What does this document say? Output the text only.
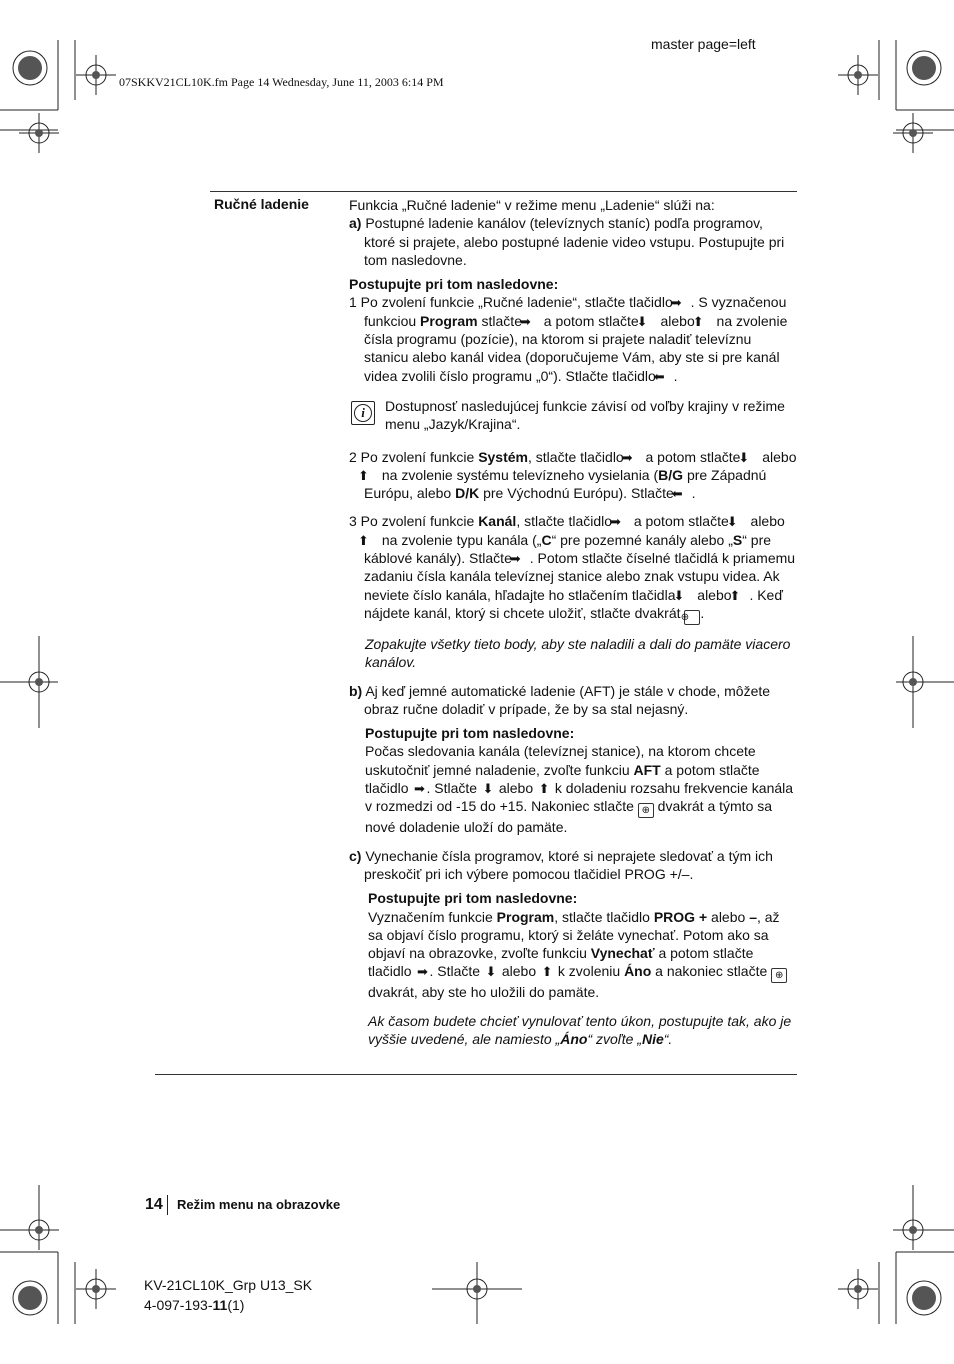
master page=left
07SKKV21CL10K.fm Page 14 Wednesday, June 11, 2003 6:14 PM
Ručné ladenie	Funkcia „Ručné ladenie“ v režime menu „Ladenie“ slúži na:

a) Postupné ladenie kanálov (televíznych staníc) podľa programov, ktoré si prajete, alebo postupné ladenie video vstupu. Postupujte pri tom nasledovne.

Postupujte pri tom nasledovne:

1 Po zvolení funkcie „Ručné ladenie“, stlačte tlačidlo ➡ . S vyznačenou funkciou Program stlačte ➡ a potom stlačte ⬇ alebo ⬆ na zvolenie čísla programu (pozície), na ktorom si prajete naladiť televíznu stanicu alebo kanál videa (doporučujeme Vám, aby ste si pre kanál videa zvolili číslo programu „0“). Stlačte tlačidlo ⬅ .

i	Dostupnosť nasledujúcej funkcie závisí od voľby krajiny v režime menu „Jazyk/Krajina“.

2 Po zvolení funkcie Systém, stlačte tlačidlo ➡ a potom stlačte ⬇ alebo ⬆ na zvolenie systému televízneho vysielania (B/G pre Západnú Európu, alebo D/K pre Východnú Európu). Stlačte ⬅ .

3 Po zvolení funkcie Kanál, stlačte tlačidlo ➡ a potom stlačte ⬇ alebo ⬆ na zvolenie typu kanála („C“ pre pozemné kanály alebo „S“ pre káblové kanály). Stlačte ➡ . Potom stlačte číselné tlačidlá k priamemu zadaniu čísla kanála televíznej stanice alebo znak vstupu videa. Ak neviete číslo kanála, hľadajte ho stlačením tlačidla ⬇ alebo ⬆ . Keď nájdete kanál, ktorý si chcete uložiť, stlačte dvakrát ⊕ .

Zopakujte všetky tieto body, aby ste naladili a dali do pamäte viacero kanálov.

b) Aj keď jemné automatické ladenie (AFT) je stále v chode, môžete obraz ručne doladiť v prípade, že by sa stal nejasný.

Postupujte pri tom nasledovne:

Počas sledovania kanála (televíznej stanice), na ktorom chcete uskutočniť jemné naladenie, zvoľte funkciu AFT a potom stlačte tlačidlo ➡ . Stlačte ⬇ alebo ⬆ k doladeniu rozsahu frekvencie kanála v rozmedzi od -15 do +15. Nakoniec stlačte ⊕ dvakrát a týmto sa nové doladenie uloží do pamäte.

c) Vynechanie čísla programov, ktoré si neprajete sledovať a tým ich preskočiť pri ich výbere pomocou tlačidiel PROG +/–.

Postupujte pri tom nasledovne:

Vyznačením funkcie Program, stlačte tlačidlo PROG + alebo –, až sa objaví číslo programu, ktorý si želáte vynechať. Potom ako sa objaví na obrazovke, zvoľte funkciu Vynechať a potom stlačte tlačidlo ➡ . Stlačte ⬇ alebo ⬆ k zvoleniu Áno a nakoniec stlačte ⊕ dvakrát, aby ste ho uložili do pamäte.

Ak časom budete chcieť vynulovať tento úkon, postupujte tak, ako je vyššie uvedené, ale namiesto „Áno“ zvoľte „Nie“.

14 Režim menu na obrazovke
KV-21CL10K_Grp U13_SK
4-097-193-11(1)
